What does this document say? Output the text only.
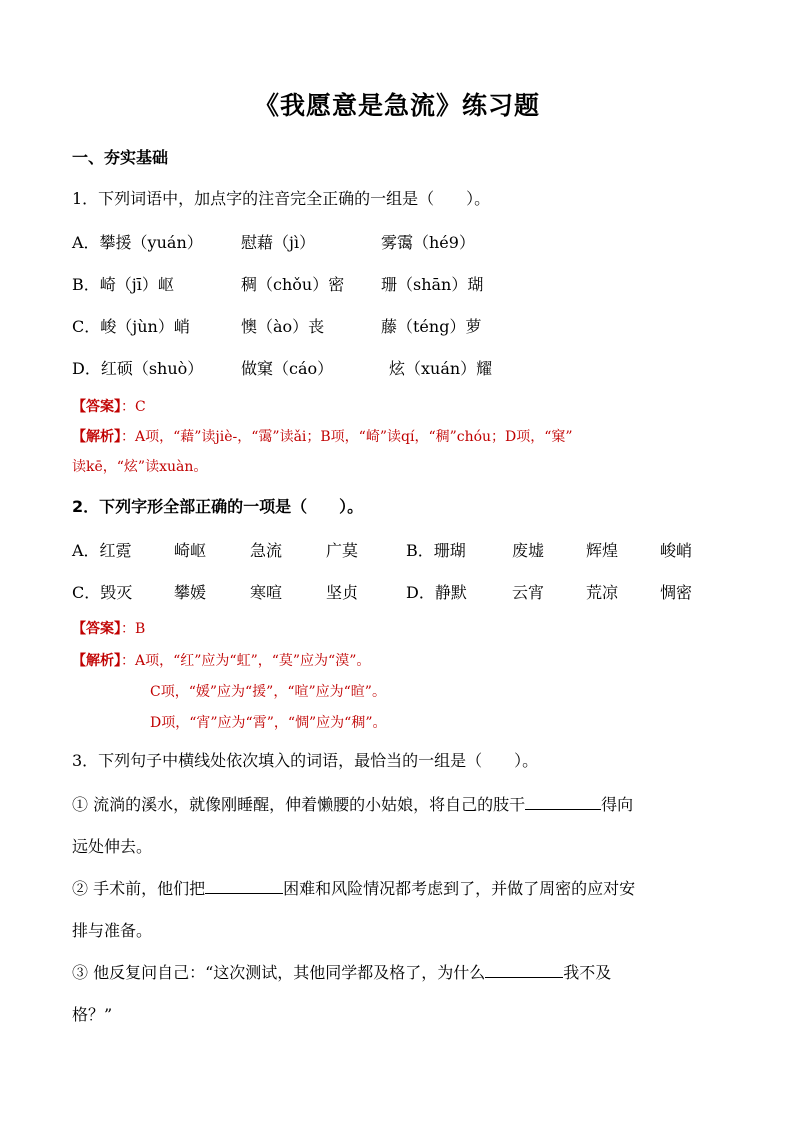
《我愿意是急流》练习题
一、夯实基础
1．下列词语中，加点字的注音完全正确的一组是（　　）。
A．攀援（yuán） 慰藉（jì）	雾霭（hé9）
B．崎（jī）岖	稠（chǒu）密 珊（shān）瑚
C．峻（jùn）峭	懊（ào）丧	藤（téng）萝
D．红硕（shuò） 做窠（cáo）	炫（xuán）耀
【答案】：C
【解析】：A项，“藉”读jiè-，“霭”读ǎi；B项，“崎”读qí，“稠”chóu；D项，“窠”
读kē，“炫”读xuàn。
2．下列字形全部正确的一项是（　　）。
A．红霓	崎岖	急流	广莫	B．珊瑚	废墟	辉煌	峻峭
C．毁灭	攀媛	寒喧	坚贞	D．静默	云宵	荒凉	惆密
【答案】：B
【解析】：A项，“红”应为“虹”，“莫”应为“漠”。
C项，“媛”应为“援”，“喧”应为“暄”。
D项，“宵”应为“霄”，“惆”应为“稠”。
3．下列句子中横线处依次填入的词语，最恰当的一组是（　　）。
① 流淌的溪水，就像刚睡醒，伸着懒腰的小姑娘，将自己的肢干	得向
远处伸去。
② 手术前，他们把	困难和风险情况都考虑到了，并做了周密的应对安
排与准备。
③ 他反复问自己：“这次测试，其他同学都及格了，为什么	我不及
格？”
